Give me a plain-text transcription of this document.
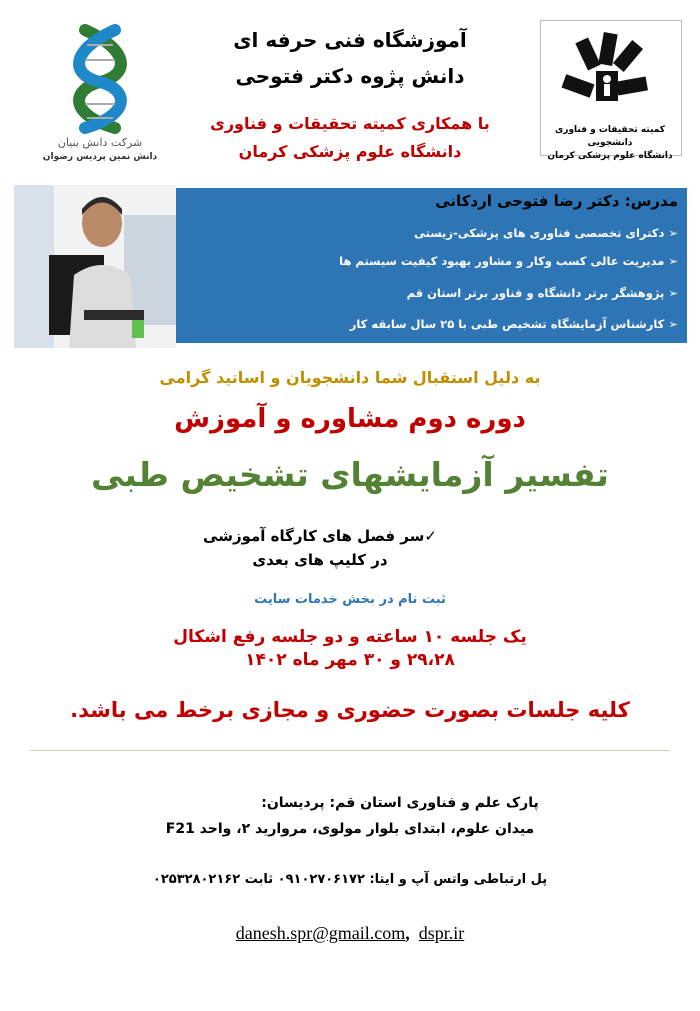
شرکت دانش بنیان
دانش نمین پردیس رضوان
آموزشگاه فنی حرفه ای
دانش پژوه دکتر فتوحی
با همکاری کمیته تحقیقات و فناوری
دانشگاه علوم پزشکی کرمان
کمیته تحقیقات و فناوری دانشجویی
دانشگاه علوم پزشکی کرمان
مدرس: دکتر رضا فتوحی اردکانی
➢دکترای تخصصی فناوری های پزشکی-زیستی
➢مدیریت عالی کسب وکار و مشاور بهبود کیفیت سیستم ها
➢پژوهشگر برتر دانشگاه و فناور برتر استان قم
➢کارشناس آزمایشگاه تشخیص طبی با ۲۵ سال سابقه کار
به دلیل استقبال شما دانشجویان و اساتید گرامی
دوره دوم مشاوره و آموزش
تفسیر آزمایشهای تشخیص طبی
✓سر فصل های کارگاه آموزشی
در کلیپ های بعدی
ثبت نام در بخش خدمات سایت
یک جلسه ۱۰ ساعته و دو جلسه رفع اشکال
۲۹،۲۸ و ۳۰ مهر ماه ۱۴۰۲
کلیه جلسات بصورت حضوری و مجازی برخط می باشد.
پارک علم و فناوری استان قم: پردیسان:
میدان علوم، ابتدای بلوار مولوی، مروارید ۲، واحد F21
پل ارتباطی واتس آپ و ایتا: ۰۹۱۰۲۷۰۶۱۷۲ ثابت ۰۲۵۳۲۸۰۲۱۶۲
danesh.spr@gmail.com, dspr.ir
